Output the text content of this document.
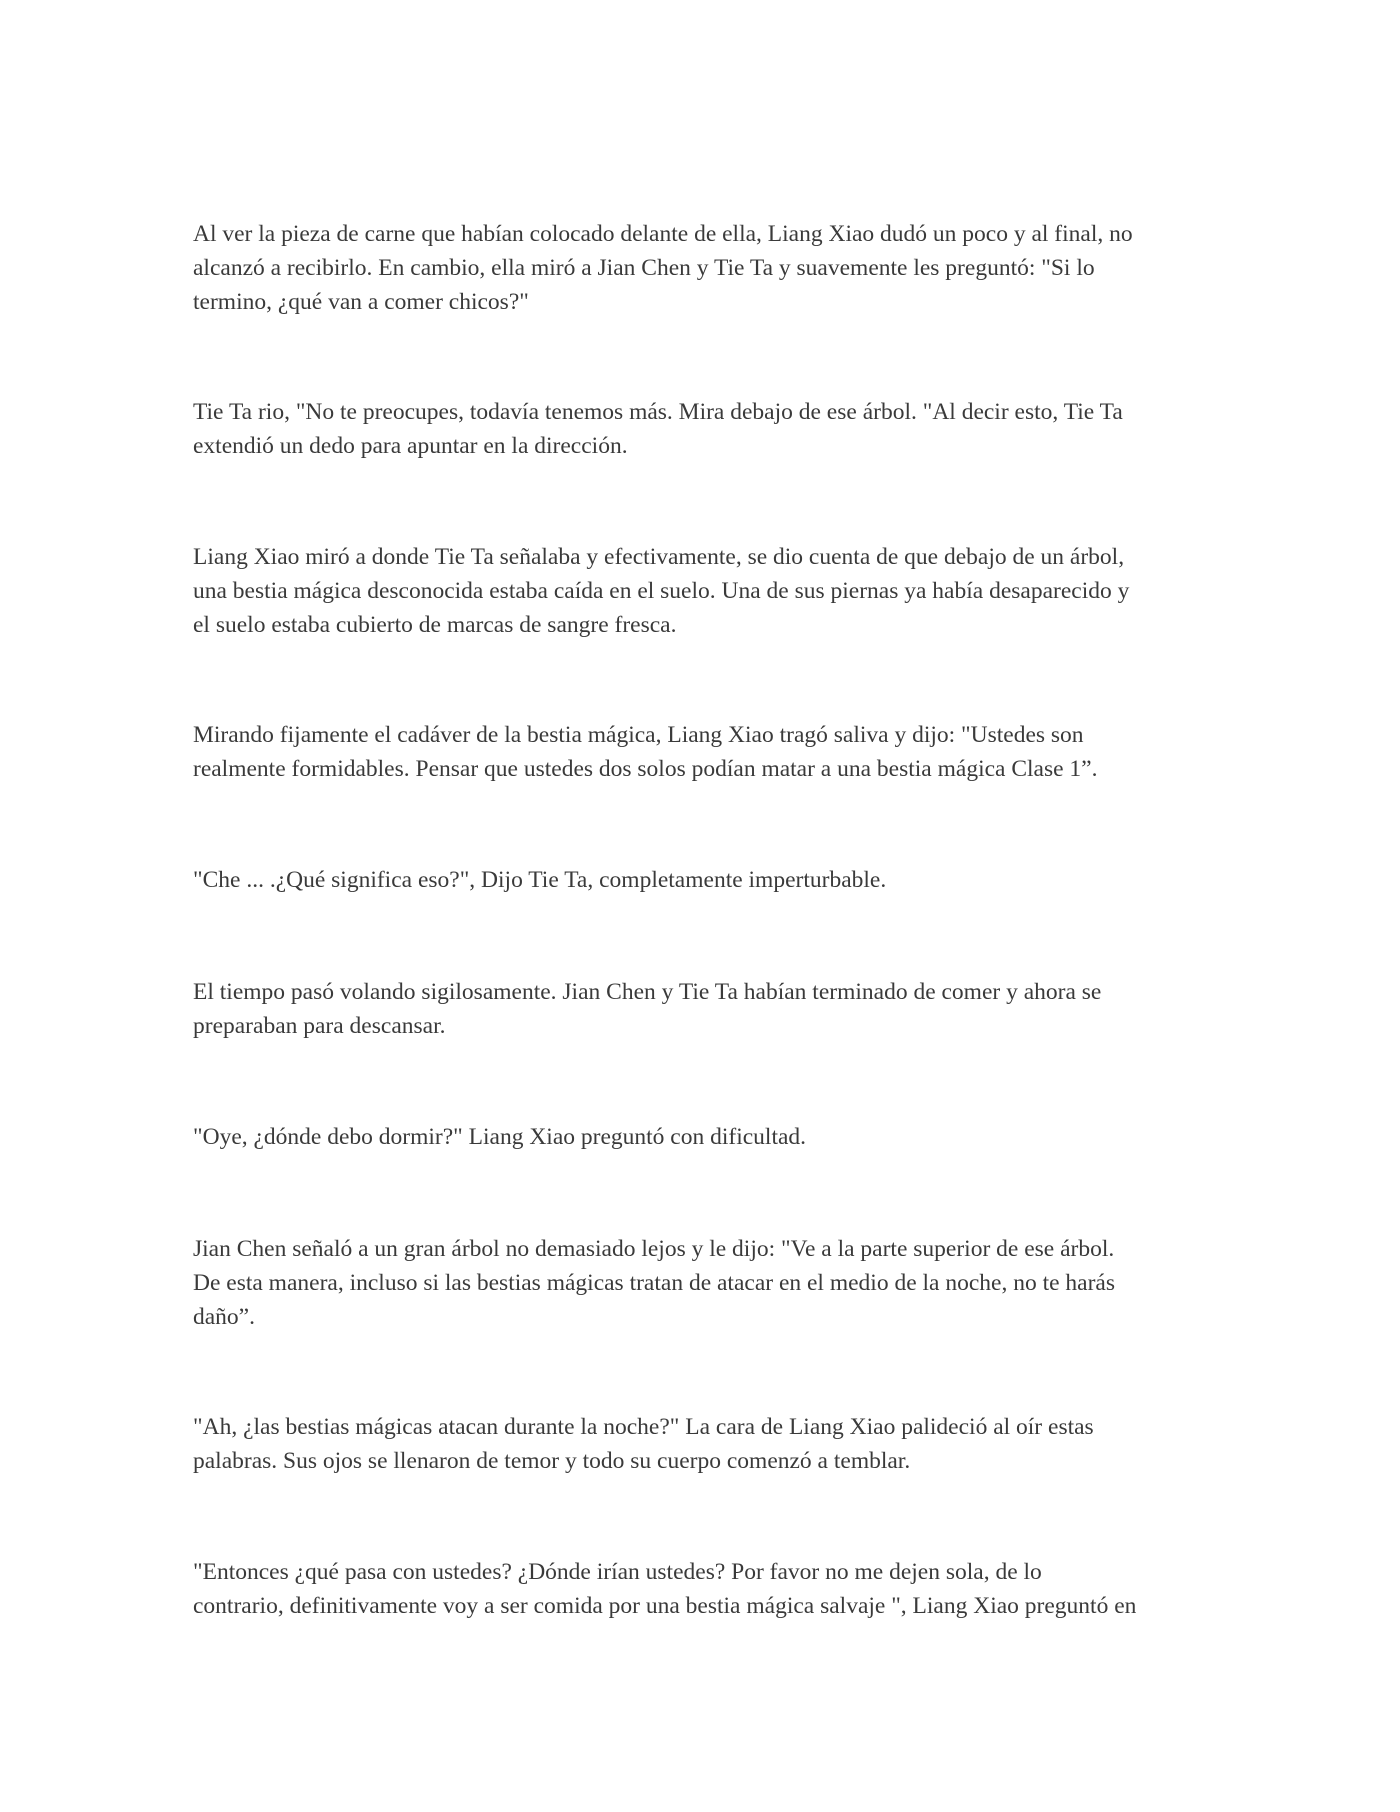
Al ver la pieza de carne que habían colocado delante de ella, Liang Xiao dudó un poco y al final, no
alcanzó a recibirlo. En cambio, ella miró a Jian Chen y Tie Ta y suavemente les preguntó: "Si lo
termino, ¿qué van a comer chicos?"

Tie Ta rio, "No te preocupes, todavía tenemos más. Mira debajo de ese árbol. "Al decir esto, Tie Ta
extendió un dedo para apuntar en la dirección.

Liang Xiao miró a donde Tie Ta señalaba y efectivamente, se dio cuenta de que debajo de un árbol,
una bestia mágica desconocida estaba caída en el suelo. Una de sus piernas ya había desaparecido y
el suelo estaba cubierto de marcas de sangre fresca.

Mirando fijamente el cadáver de la bestia mágica, Liang Xiao tragó saliva y dijo: "Ustedes son
realmente formidables. Pensar que ustedes dos solos podían matar a una bestia mágica Clase 1”.

"Che ... .¿Qué significa eso?", Dijo Tie Ta, completamente imperturbable.

El tiempo pasó volando sigilosamente. Jian Chen y Tie Ta habían terminado de comer y ahora se
preparaban para descansar.

"Oye, ¿dónde debo dormir?" Liang Xiao preguntó con dificultad.

Jian Chen señaló a un gran árbol no demasiado lejos y le dijo: "Ve a la parte superior de ese árbol.
De esta manera, incluso si las bestias mágicas tratan de atacar en el medio de la noche, no te harás
daño”.

"Ah, ¿las bestias mágicas atacan durante la noche?" La cara de Liang Xiao palideció al oír estas
palabras. Sus ojos se llenaron de temor y todo su cuerpo comenzó a temblar.

"Entonces ¿qué pasa con ustedes? ¿Dónde irían ustedes? Por favor no me dejen sola, de lo
contrario, definitivamente voy a ser comida por una bestia mágica salvaje ", Liang Xiao preguntó en
